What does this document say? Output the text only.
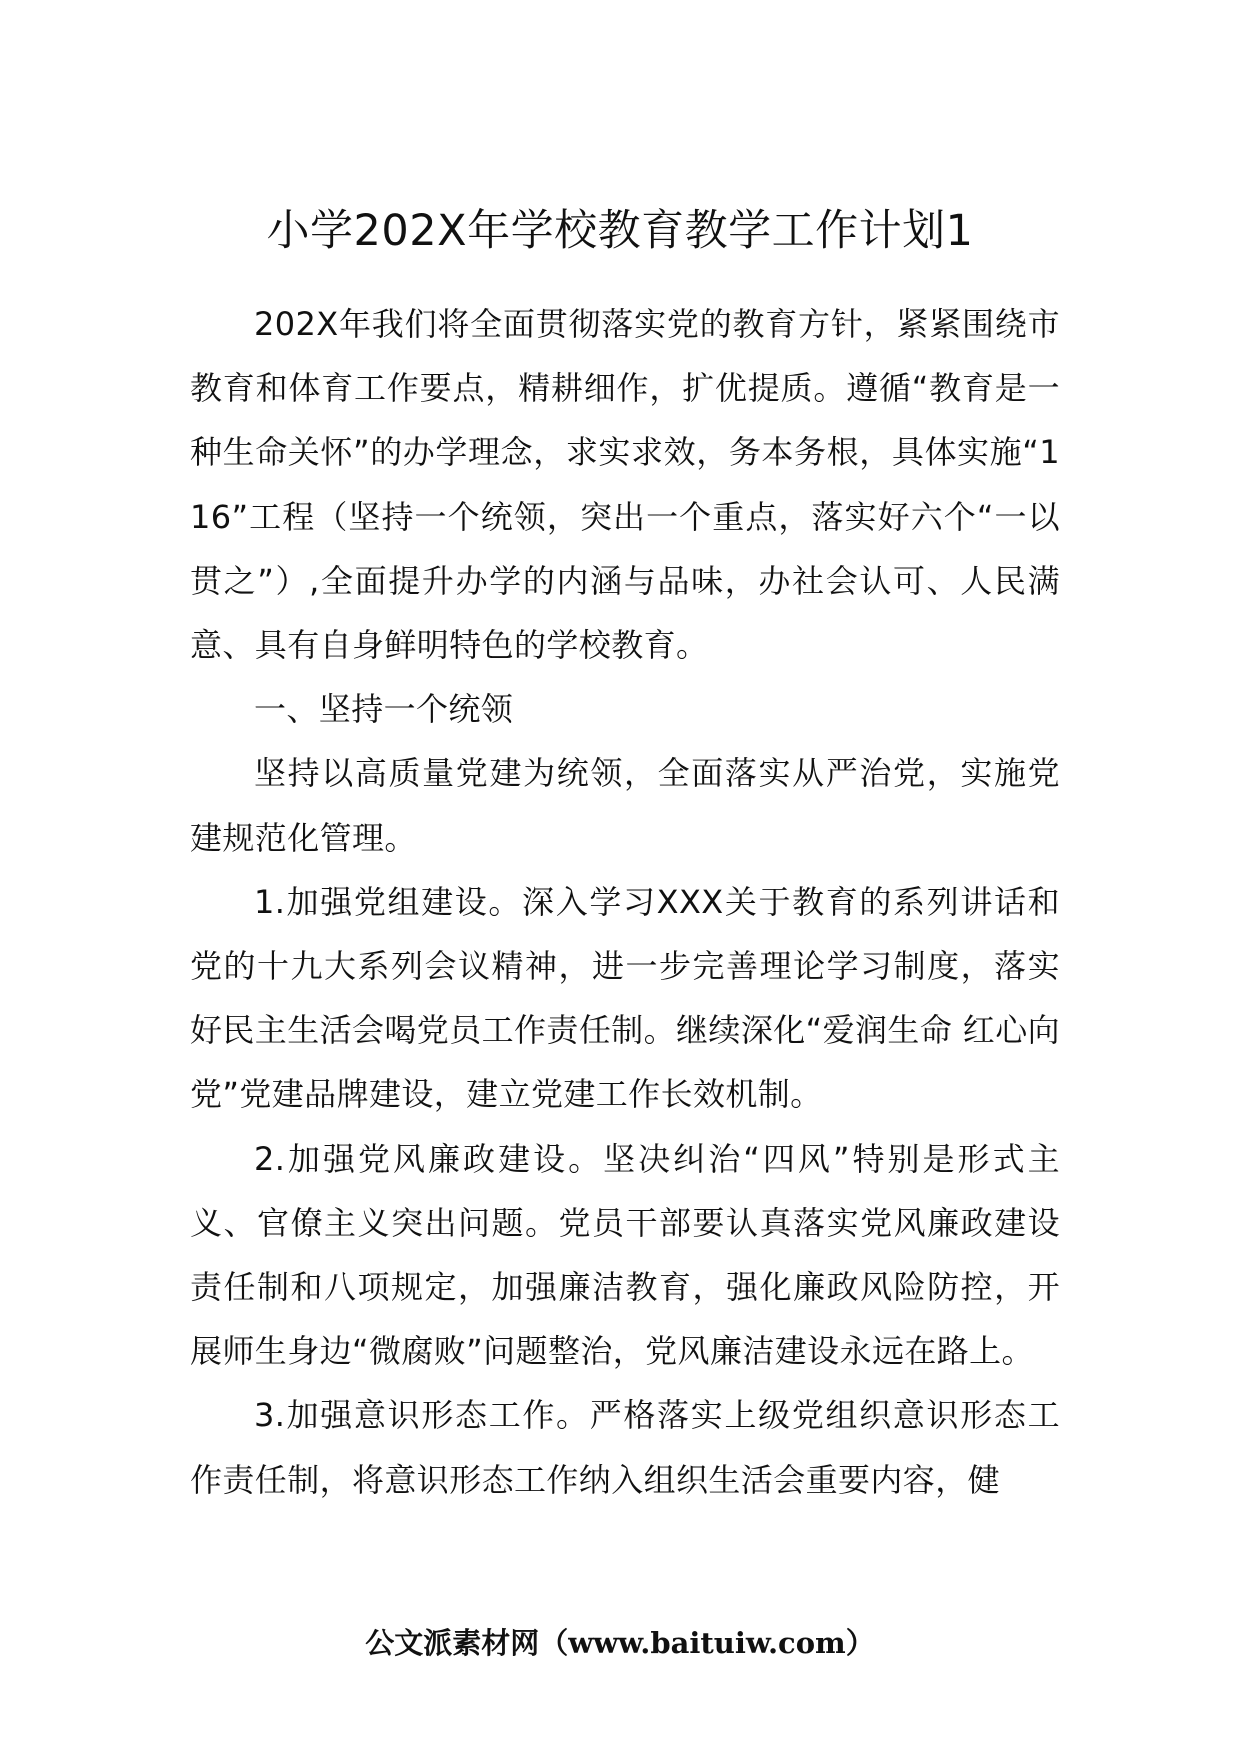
小学202X年学校教育教学工作计划1

202X年我们将全面贯彻落实党的教育方针，紧紧围绕市教育和体育工作要点，精耕细作，扩优提质。遵循“教育是一种生命关怀”的办学理念，求实求效，务本务根，具体实施“116”工程（坚持一个统领，突出一个重点，落实好六个“一以贯之”）,全面提升办学的内涵与品味，办社会认可、人民满意、具有自身鲜明特色的学校教育。

一、坚持一个统领

坚持以高质量党建为统领，全面落实从严治党，实施党建规范化管理。

1.加强党组建设。深入学习XXX关于教育的系列讲话和党的十九大系列会议精神，进一步完善理论学习制度，落实好民主生活会喝党员工作责任制。继续深化“爱润生命 红心向党”党建品牌建设，建立党建工作长效机制。

2.加强党风廉政建设。坚决纠治“四风”特别是形式主义、官僚主义突出问题。党员干部要认真落实党风廉政建设责任制和八项规定，加强廉洁教育，强化廉政风险防控，开展师生身边“微腐败”问题整治，党风廉洁建设永远在路上。

3.加强意识形态工作。严格落实上级党组织意识形态工作责任制，将意识形态工作纳入组织生活会重要内容，健

公文派素材网（www.baituiw.com）
